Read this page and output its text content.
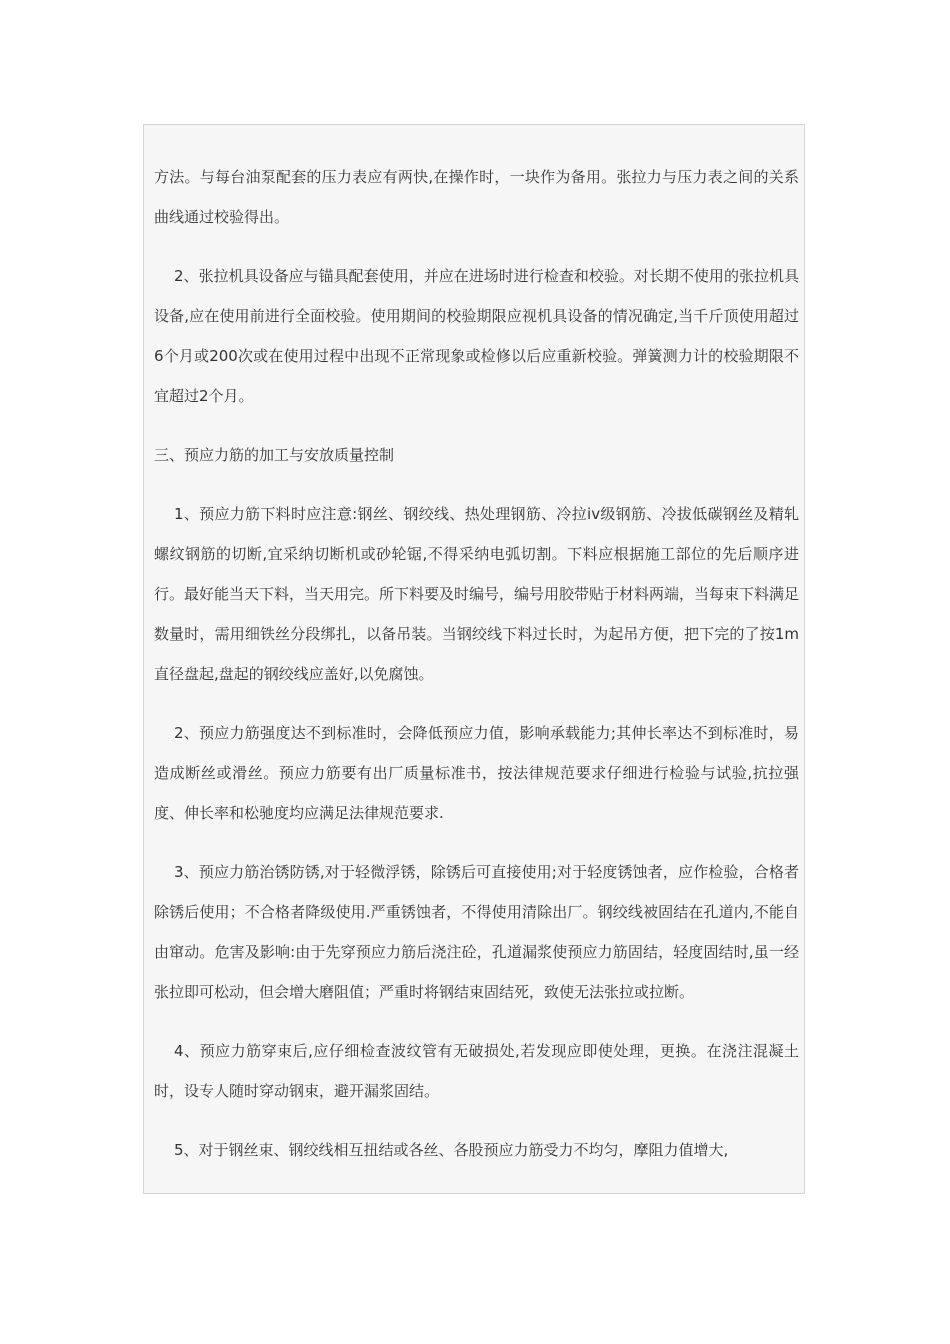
方法。与每台油泵配套的压力表应有两快,在操作时，一块作为备用。张拉力与压力表之间的关系曲线通过校验得出。

2、张拉机具设备应与锚具配套使用，并应在进场时进行检查和校验。对长期不使用的张拉机具设备,应在使用前进行全面校验。使用期间的校验期限应视机具设备的情况确定,当千斤顶使用超过6个月或200次或在使用过程中出现不正常现象或检修以后应重新校验。弹簧测力计的校验期限不宜超过2个月。

三、预应力筋的加工与安放质量控制

1、预应力筋下料时应注意:钢丝、钢绞线、热处理钢筋、冷拉iv级钢筋、冷拔低碳钢丝及精轧螺纹钢筋的切断,宜采纳切断机或砂轮锯,不得采纳电弧切割。下料应根据施工部位的先后顺序进行。最好能当天下料，当天用完。所下料要及时编号，编号用胶带贴于材料两端，当每束下料满足数量时，需用细铁丝分段绑扎，以备吊装。当钢绞线下料过长时，为起吊方便，把下完的了按1m直径盘起,盘起的钢绞线应盖好,以免腐蚀。

2、预应力筋强度达不到标准时，会降低预应力值，影响承载能力;其伸长率达不到标准时，易造成断丝或滑丝。预应力筋要有出厂质量标准书，按法律规范要求仔细进行检验与试验,抗拉强度、伸长率和松驰度均应满足法律规范要求.

3、预应力筋治锈防锈,对于轻微浮锈，除锈后可直接使用;对于轻度锈蚀者，应作检验，合格者除锈后使用；不合格者降级使用.严重锈蚀者，不得使用清除出厂。钢绞线被固结在孔道内,不能自由窜动。危害及影响:由于先穿预应力筋后浇注砼，孔道漏浆使预应力筋固结，轻度固结时,虽一经张拉即可松动，但会增大磨阻值；严重时将钢结束固结死，致使无法张拉或拉断。

4、预应力筋穿束后,应仔细检查波纹管有无破损处,若发现应即使处理，更换。在浇注混凝土时，设专人随时穿动钢束，避开漏浆固结。

5、对于钢丝束、钢绞线相互扭结或各丝、各股预应力筋受力不均匀，摩阻力值增大,
